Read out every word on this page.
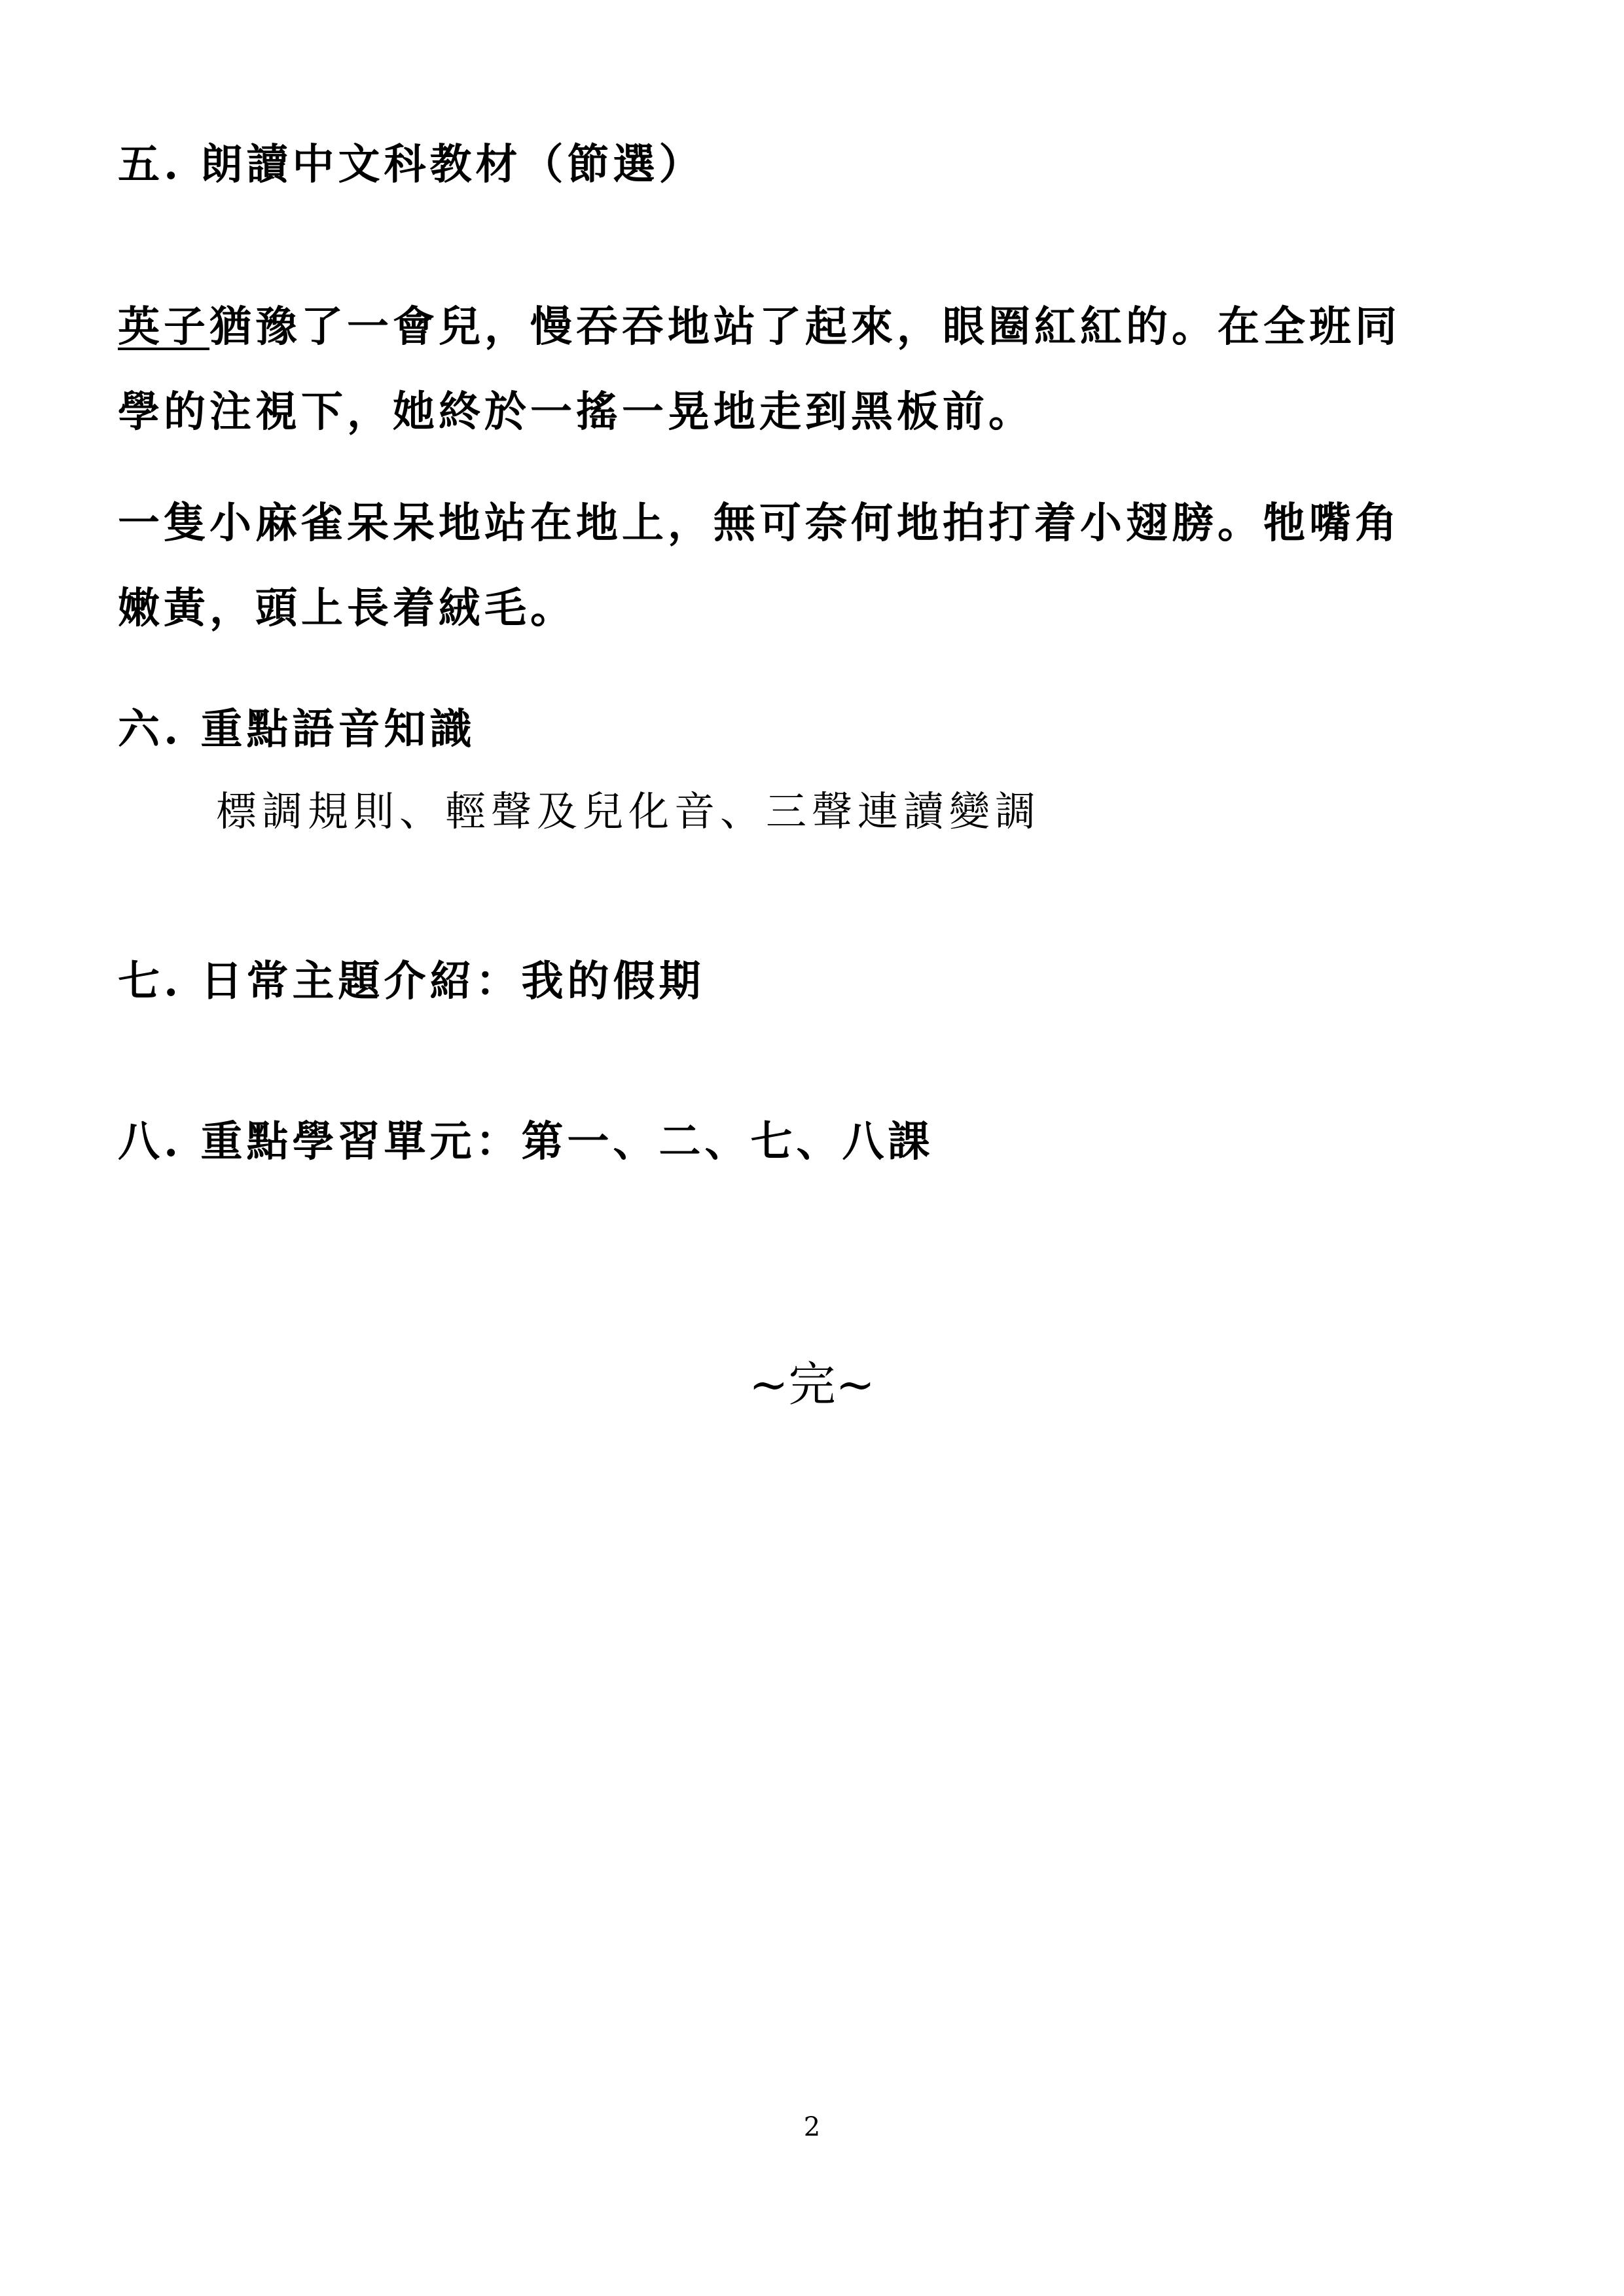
五. 朗讀中文科教材（節選）
英子猶豫了一會兒，慢吞吞地站了起來，眼圈紅紅的。在全班同
學的注視下，她終於一搖一晃地走到黑板前。
一隻小麻雀呆呆地站在地上，無可奈何地拍打着小翅膀。牠嘴角
嫩黃，頭上長着絨毛。
六. 重點語音知識
標調規則、輕聲及兒化音、三聲連讀變調
七. 日常主題介紹：我的假期
八. 重點學習單元：第一、二、七、八課
~完~
2
